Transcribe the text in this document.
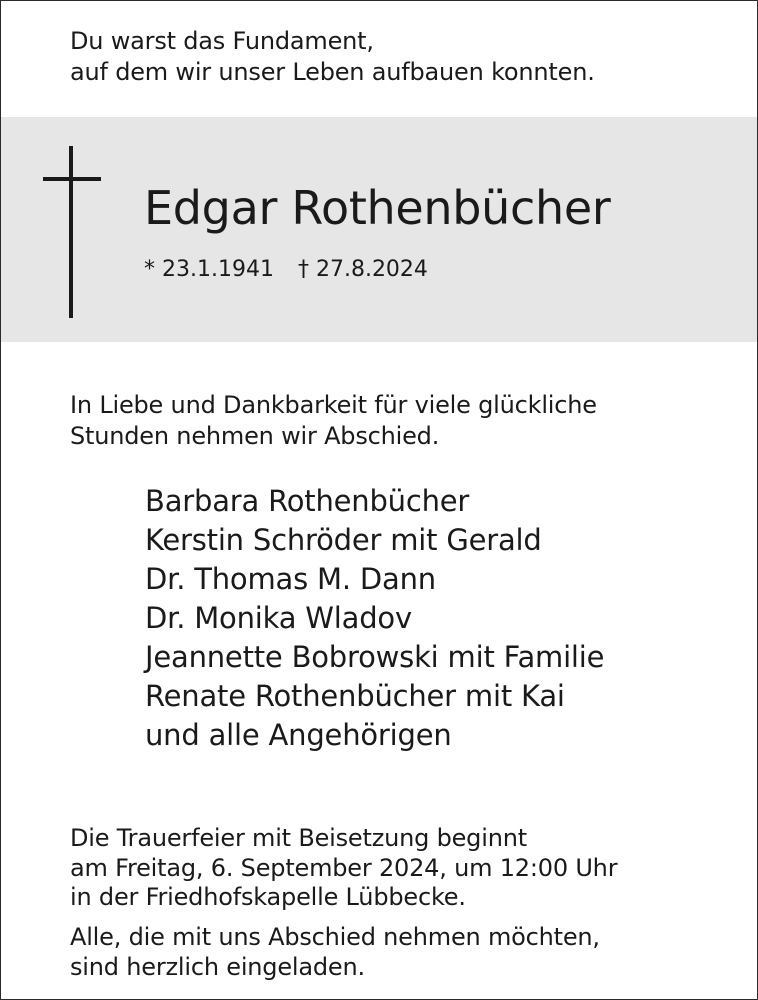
Du warst das Fundament,
auf dem wir unser Leben aufbauen konnten.
Edgar Rothenbücher
* 23.1.1941 † 27.8.2024
In Liebe und Dankbarkeit für viele glückliche
Stunden nehmen wir Abschied.
Barbara Rothenbücher
Kerstin Schröder mit Gerald
Dr. Thomas M. Dann
Dr. Monika Wladov
Jeannette Bobrowski mit Familie
Renate Rothenbücher mit Kai
und alle Angehörigen
Die Trauerfeier mit Beisetzung beginnt
am Freitag, 6. September 2024, um 12:00 Uhr
in der Friedhofskapelle Lübbecke.
Alle, die mit uns Abschied nehmen möchten,
sind herzlich eingeladen.
